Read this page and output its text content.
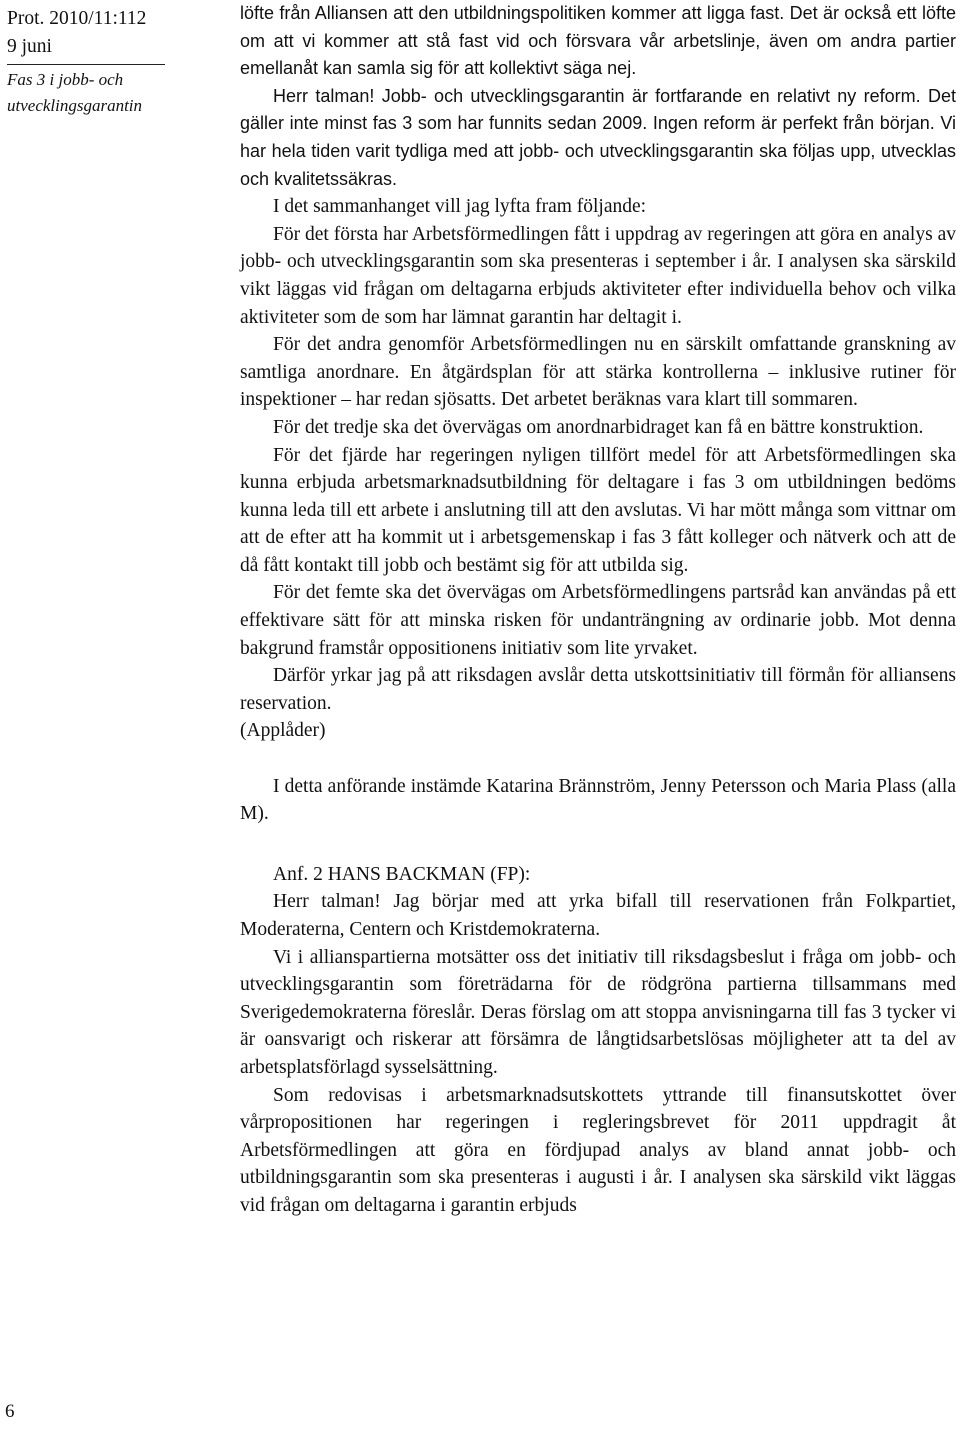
Prot. 2010/11:112
9 juni
Fas 3 i jobb- och
utvecklingsgarantin
6

löfte från Alliansen att den utbildningspolitiken kommer att ligga fast. Det är också ett löfte om att vi kommer att stå fast vid och försvara vår arbetslinje, även om andra partier emellanåt kan samla sig för att kollektivt säga nej.

Herr talman! Jobb- och utvecklingsgarantin är fortfarande en relativt ny reform. Det gäller inte minst fas 3 som har funnits sedan 2009. Ingen reform är perfekt från början. Vi har hela tiden varit tydliga med att jobb- och utvecklingsgarantin ska följas upp, utvecklas och kvalitetssäkras.

I det sammanhanget vill jag lyfta fram följande:

För det första har Arbetsförmedlingen fått i uppdrag av regeringen att göra en analys av jobb- och utvecklingsgarantin som ska presenteras i september i år. I analysen ska särskild vikt läggas vid frågan om deltagarna erbjuds aktiviteter efter individuella behov och vilka aktiviteter som de som har lämnat garantin har deltagit i.

För det andra genomför Arbetsförmedlingen nu en särskilt omfattande granskning av samtliga anordnare. En åtgärdsplan för att stärka kontrollerna – inklusive rutiner för inspektioner – har redan sjösatts. Det arbetet beräknas vara klart till sommaren.

För det tredje ska det övervägas om anordnarbidraget kan få en bättre konstruktion.

För det fjärde har regeringen nyligen tillfört medel för att Arbetsförmedlingen ska kunna erbjuda arbetsmarknadsutbildning för deltagare i fas 3 om utbildningen bedöms kunna leda till ett arbete i anslutning till att den avslutas. Vi har mött många som vittnar om att de efter att ha kommit ut i arbetsgemenskap i fas 3 fått kolleger och nätverk och att de då fått kontakt till jobb och bestämt sig för att utbilda sig.

För det femte ska det övervägas om Arbetsförmedlingens partsråd kan användas på ett effektivare sätt för att minska risken för undanträngning av ordinarie jobb. Mot denna bakgrund framstår oppositionens initiativ som lite yrvaket.

Därför yrkar jag på att riksdagen avslår detta utskottsinitiativ till förmån för alliansens reservation.

(Applåder)

I detta anförande instämde Katarina Brännström, Jenny Petersson och Maria Plass (alla M).

Anf. 2 HANS BACKMAN (FP):

Herr talman! Jag börjar med att yrka bifall till reservationen från Folkpartiet, Moderaterna, Centern och Kristdemokraterna.

Vi i allianspartierna motsätter oss det initiativ till riksdagsbeslut i fråga om jobb- och utvecklingsgarantin som företrädarna för de rödgröna partierna tillsammans med Sverigedemokraterna föreslår. Deras förslag om att stoppa anvisningarna till fas 3 tycker vi är oansvarigt och riskerar att försämra de långtidsarbetslösas möjligheter att ta del av arbetsplatsförlagd sysselsättning.

Som redovisas i arbetsmarknadsutskottets yttrande till finansutskottet över vårpropositionen har regeringen i regleringsbrevet för 2011 uppdragit åt Arbetsförmedlingen att göra en fördjupad analys av bland annat jobb- och utbildningsgarantin som ska presenteras i augusti i år. I analysen ska särskild vikt läggas vid frågan om deltagarna i garantin erbjuds
